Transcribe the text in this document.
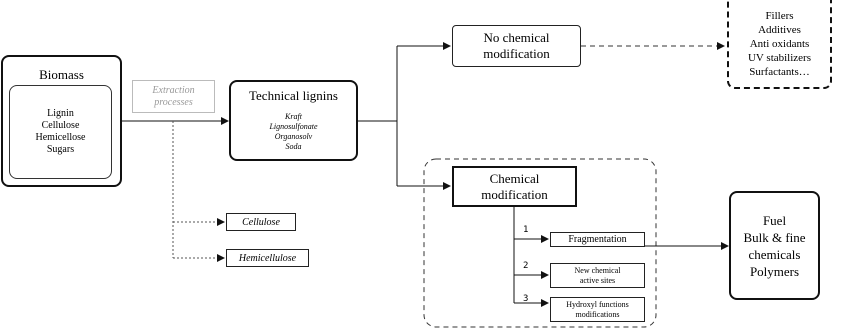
Biomass
Lignin
Cellulose
Hemicellose
Sugars
Extraction
processes	Technical lignins
Kraft
Lignosulfonate
Organosolv
Soda
Cellulose
Hemicellulose
No chemical
modification
Fillers
Additives
Anti oxidants
UV stabilizers
Surfactants…
Chemical
modification
1
2
3
Fragmentation
New chemical
active sites
Hydroxyl functions
modifications
Fuel
Bulk & fine
chemicals
Polymers
